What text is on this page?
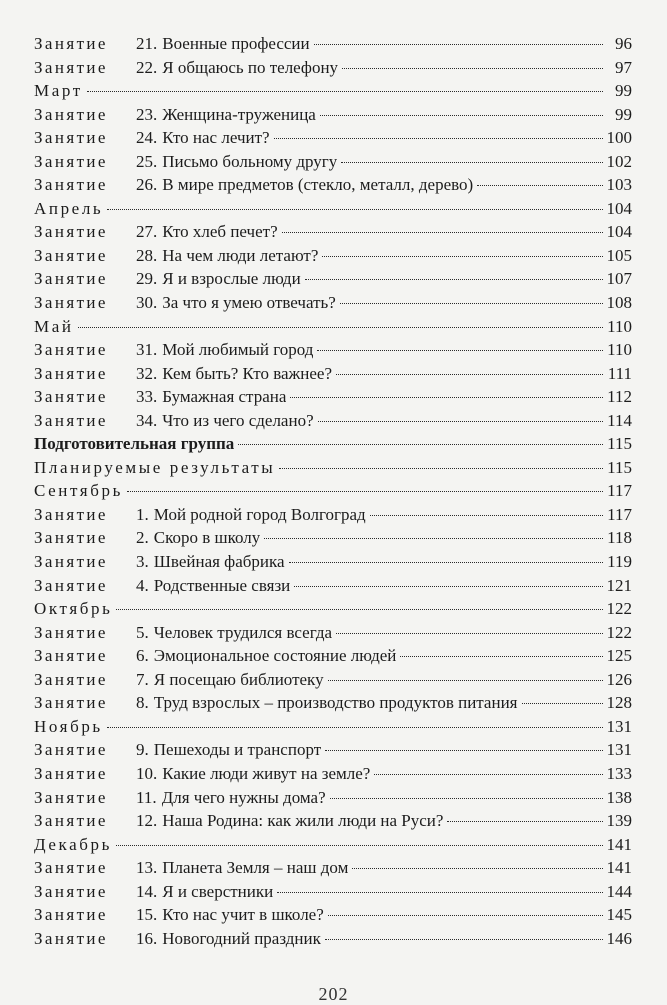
Занятие	21. Военные профессии	96
Занятие	22. Я общаюсь по телефону	97
Март	99
Занятие	23. Женщина-труженица	99
Занятие	24. Кто нас лечит?	100
Занятие	25. Письмо больному другу	102
Занятие	26. В мире предметов (стекло, металл, дерево)	103
Апрель	104
Занятие	27. Кто хлеб печет?	104
Занятие	28. На чем люди летают?	105
Занятие	29. Я и взрослые люди	107
Занятие	30. За что я умею отвечать?	108
Май	110
Занятие	31. Мой любимый город	110
Занятие	32. Кем быть? Кто важнее?	111
Занятие	33. Бумажная страна	112
Занятие	34. Что из чего сделано?	114
Подготовительная группа	115
Планируемые результаты	115
Сентябрь	117
Занятие	1. Мой родной город Волгоград	117
Занятие	2. Скоро в школу	118
Занятие	3. Швейная фабрика	119
Занятие	4. Родственные связи	121
Октябрь	122
Занятие	5. Человек трудился всегда	122
Занятие	6. Эмоциональное состояние людей	125
Занятие	7. Я посещаю библиотеку	126
Занятие	8. Труд взрослых – производство продуктов питания	128
Ноябрь	131
Занятие	9. Пешеходы и транспорт	131
Занятие	10. Какие люди живут на земле?	133
Занятие	11. Для чего нужны дома?	138
Занятие	12. Наша Родина: как жили люди на Руси?	139
Декабрь	141
Занятие	13. Планета Земля – наш дом	141
Занятие	14. Я и сверстники	144
Занятие	15. Кто нас учит в школе?	145
Занятие	16. Новогодний праздник	146
202
